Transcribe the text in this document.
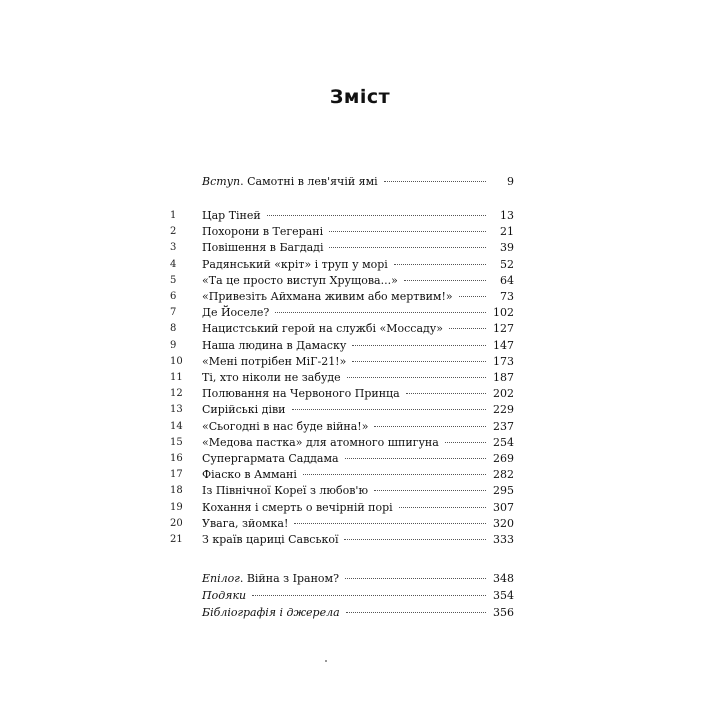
Зміст
Вступ. Самотні в лев'ячій ямі	9
1	Цар Тіней	13
2	Похорони в Тегерані	21
3	Повішення в Багдаді	39
4	Радянський «кріт» і труп у морі	52
5	«Та це просто виступ Хрущова...»	64
6	«Привезіть Айхмана живим або мертвим!»	73
7	Де Йоселе?	102
8	Нацистський герой на службі «Моссаду»	127
9	Наша людина в Дамаску	147
10	«Мені потрібен МіГ-21!»	173
11	Ті, хто ніколи не забуде	187
12	Полювання на Червоного Принца	202
13	Сирійські діви	229
14	«Сьогодні в нас буде війна!»	237
15	«Медова пастка» для атомного шпигуна	254
16	Супергармата Саддама	269
17	Фіаско в Аммані	282
18	Із Північної Кореї з любов'ю	295
19	Кохання і смерть о вечірній порі	307
20	Увага, зйомка!	320
21	З країв цариці Савської	333
Епілог. Війна з Іраном?	348
Подяки	354
Бібліографія і джерела	356
